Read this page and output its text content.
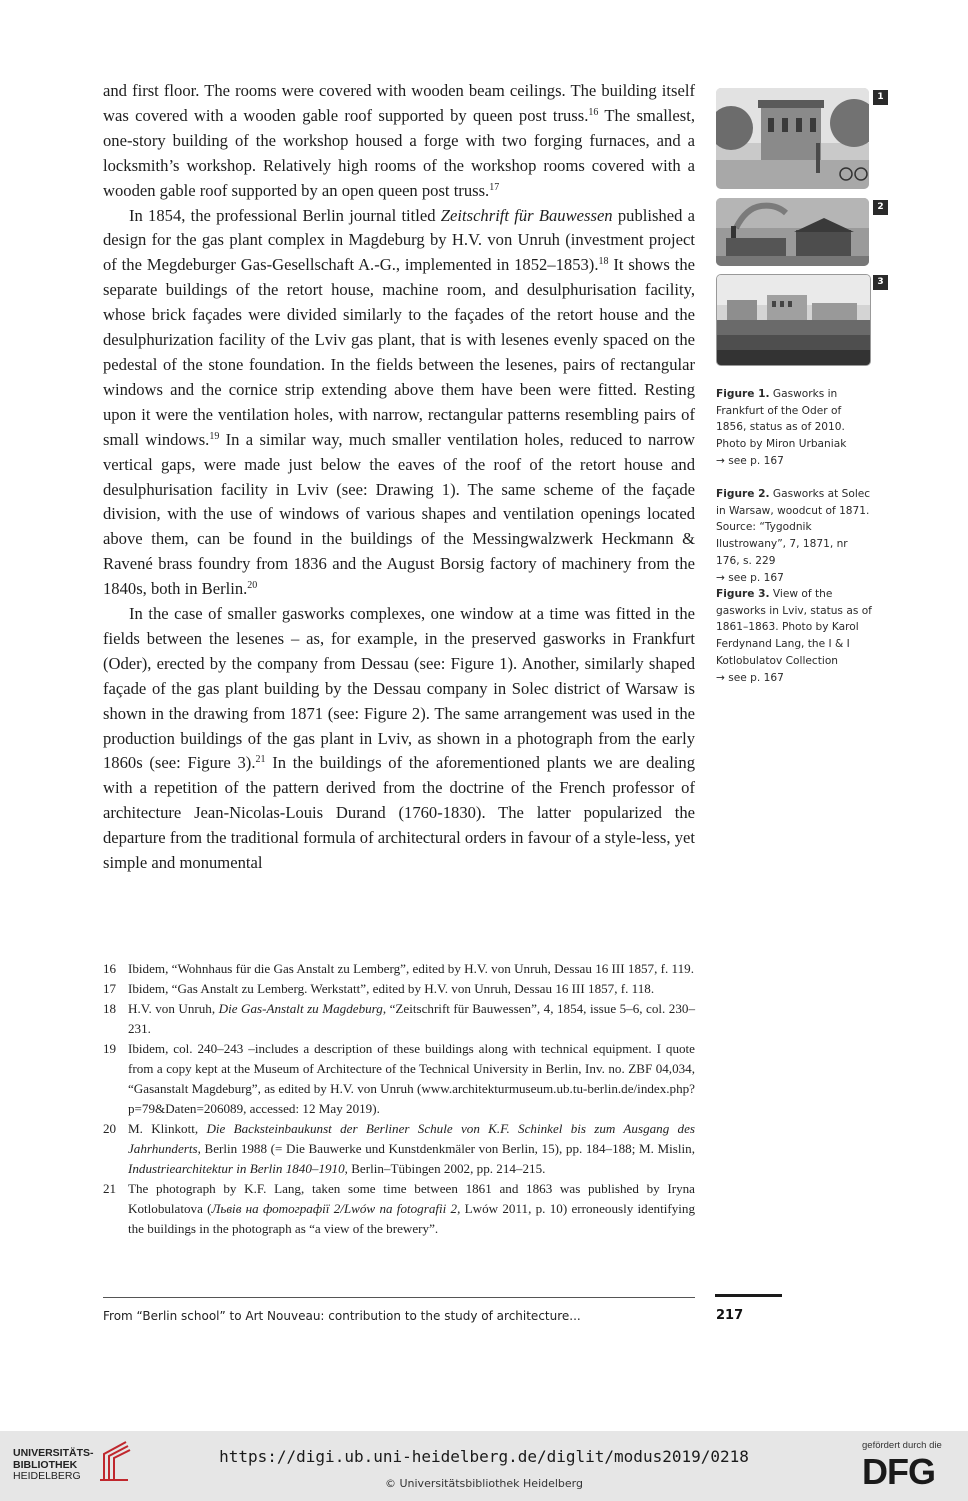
and first floor. The rooms were covered with wooden beam ceilings. The building itself was covered with a wooden gable roof supported by queen post truss.$^{16}$ The smallest, one-story building of the workshop housed a forge with two forging furnaces, and a locksmith’s workshop. Relatively high rooms of the workshop rooms covered with a wooden gable roof supported by an open queen post truss.$^{17}$

In 1854, the professional Berlin journal titled Zeitschrift für Bauwessen published a design for the gas plant complex in Magdeburg by H.V. von Unruh (investment project of the Megdeburger Gas-Gesellschaft A.-G., implemented in 1852–1853).$^{18}$ It shows the separate buildings of the retort house, machine room, and desulphurisation facility, whose brick façades were divided similarly to the façades of the retort house and the desulphurization facility of the Lviv gas plant, that is with lesenes evenly spaced on the pedestal of the stone foundation. In the fields between the lesenes, pairs of rectangular windows and the cornice strip extending above them have been were fitted. Resting upon it were the ventilation holes, with narrow, rectangular patterns resembling pairs of small windows.$^{19}$ In a similar way, much smaller ventilation holes, reduced to narrow vertical gaps, were made just below the eaves of the roof of the retort house and desulphurisation facility in Lviv (see: Drawing 1). The same scheme of the façade division, with the use of windows of various shapes and ventilation openings located above them, can be found in the buildings of the Messingwalzwerk Heckmann & Ravené brass foundry from 1836 and the August Borsig factory of machinery from the 1840s, both in Berlin.$^{20}$

In the case of smaller gasworks complexes, one window at a time was fitted in the fields between the lesenes – as, for example, in the preserved gasworks in Frankfurt (Oder), erected by the company from Dessau (see: Figure 1). Another, similarly shaped façade of the gas plant building by the Dessau company in Solec district of Warsaw is shown in the drawing from 1871 (see: Figure 2). The same arrangement was used in the production buildings of the gas plant in Lviv, as shown in a photograph from the early 1860s (see: Figure 3).$^{21}$ In the buildings of the aforementioned plants we are dealing with a repetition of the pattern derived from the doctrine of the French professor of architecture Jean-Nicolas-Louis Durand (1760-1830). The latter popularized the departure from the traditional formula of architectural orders in favour of a style-less, yet simple and monumental

1
2
3
Figure 1. Gasworks in Frankfurt of the Oder of 1856, status as of 2010. Photo by Miron Urbaniak
→ see p. 167
Figure 2. Gasworks at Solec in Warsaw, woodcut of 1871. Source: “Tygodnik Ilustrowany”, 7, 1871, nr 176, s. 229
→ see p. 167
Figure 3. View of the gasworks in Lviv, status as of 1861–1863. Photo by Karol Ferdynand Lang, the I & I Kotlobulatov Collection
→ see p. 167
16 Ibidem, “Wohnhaus für die Gas Anstalt zu Lemberg”, edited by H.V. von Unruh, Dessau 16 III 1857, f. 119.
17 Ibidem, “Gas Anstalt zu Lemberg. Werkstatt”, edited by H.V. von Unruh, Dessau 16 III 1857, f. 118.
18 H.V. von Unruh, Die Gas-Anstalt zu Magdeburg, “Zeitschrift für Bauwessen”, 4, 1854, issue 5–6, col. 230–231.
19 Ibidem, col. 240–243 –includes a description of these buildings along with technical equipment. I quote from a copy kept at the Museum of Architecture of the Technical University in Berlin, Inv. no. ZBF 04,034, “Gasanstalt Magdeburg”, as edited by H.V. von Unruh (www.architekturmuseum.ub.tu-berlin.de/index.php?p=79&Daten=206089, accessed: 12 May 2019).
20 M. Klinkott, Die Backsteinbaukunst der Berliner Schule von K.F. Schinkel bis zum Ausgang des Jahrhunderts, Berlin 1988 (= Die Bauwerke und Kunstdenkmäler von Berlin, 15), pp. 184–188; M. Mislin, Industriearchitektur in Berlin 1840–1910, Berlin–Tübingen 2002, pp. 214–215.
21 The photograph by K.F. Lang, taken some time between 1861 and 1863 was published by Iryna Kotlobulatova (Львів на фотографії 2/Lwów na fotografii 2, Lwów 2011, p. 10) erroneously identifying the buildings in the photograph as “a view of the brewery”.
From “Berlin school” to Art Nouveau: contribution to the study of architecture...	217
UNIVERSITÄTS-
BIBLIOTHEK
HEIDELBERG
https://digi.ub.uni-heidelberg.de/diglit/modus2019/0218
© Universitätsbibliothek Heidelberg
gefördert durch die
DFG
